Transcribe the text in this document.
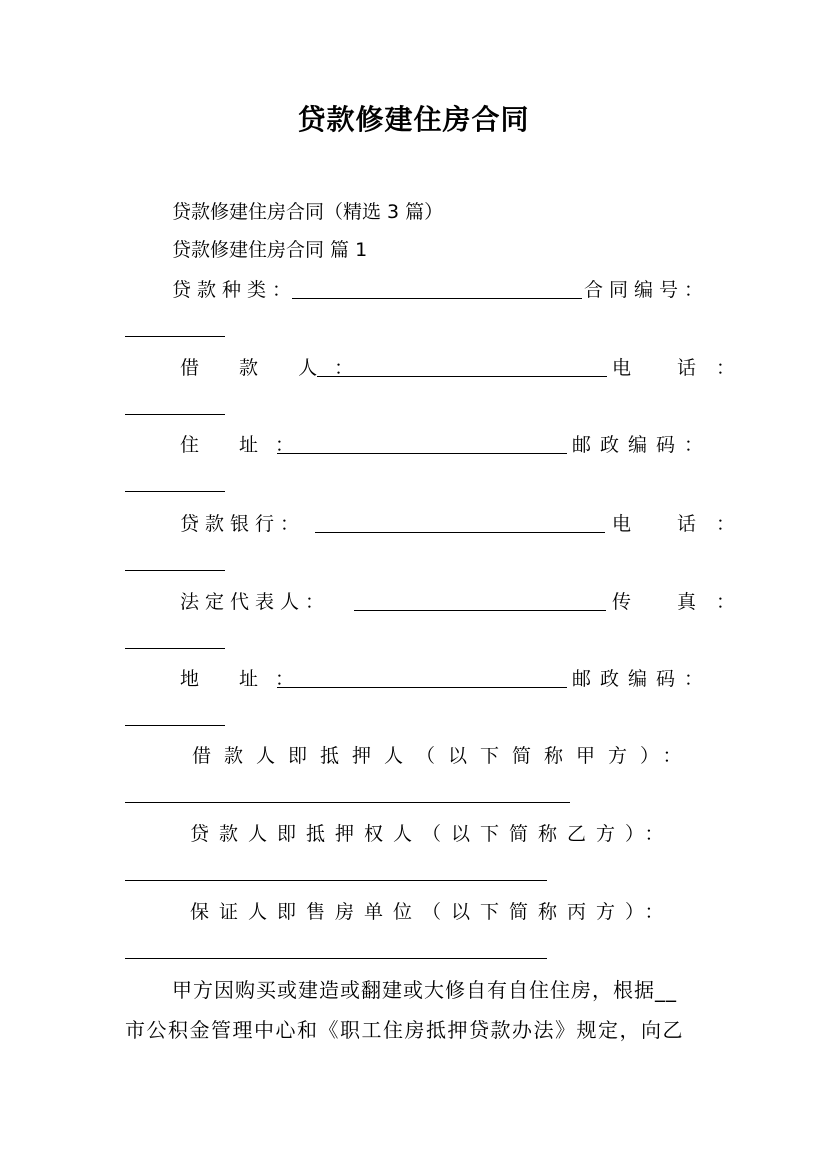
贷款修建住房合同
贷款修建住房合同（精选 3 篇）
贷款修建住房合同 篇 1
贷款种类：	合同编号：
借 款 人：	电 话：
住 址：	邮政编码：
贷款银行：	电 话：
法定代表人：	传 真：
地 址：	邮政编码：
借款人即抵押人（以下简称甲方）：
贷款人即抵押权人（以下简称乙方）：
保证人即售房单位（以下简称丙方）：
甲方因购买或建造或翻建或大修自有自住住房，根据__
市公积金管理中心和《职工住房抵押贷款办法》规定，向乙
